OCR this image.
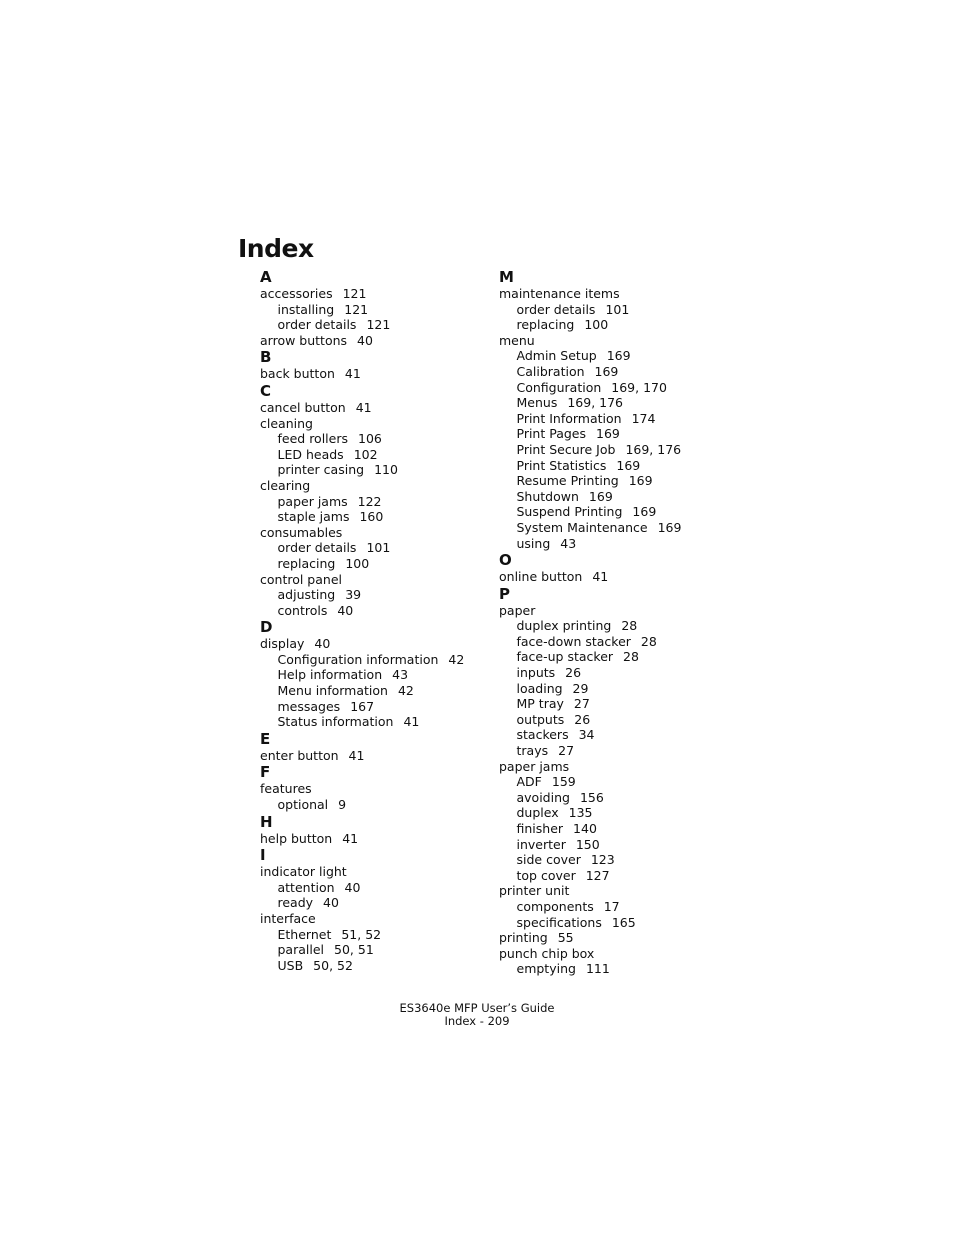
Index
A
accessories 121
installing 121
order details 121
arrow buttons 40
B
back button 41
C
cancel button 41
cleaning
feed rollers 106
LED heads 102
printer casing 110
clearing
paper jams 122
staple jams 160
consumables
order details 101
replacing 100
control panel
adjusting 39
controls 40
D
display 40
Configuration information 42
Help information 43
Menu information 42
messages 167
Status information 41
E
enter button 41
F
features
optional 9
H
help button 41
I
indicator light
attention 40
ready 40
interface
Ethernet 51, 52
parallel 50, 51
USB 50, 52
M
maintenance items
order details 101
replacing 100
menu
Admin Setup 169
Calibration 169
Configuration 169, 170
Menus 169, 176
Print Information 174
Print Pages 169
Print Secure Job 169, 176
Print Statistics 169
Resume Printing 169
Shutdown 169
Suspend Printing 169
System Maintenance 169
using 43
O
online button 41
P
paper
duplex printing 28
face-down stacker 28
face-up stacker 28
inputs 26
loading 29
MP tray 27
outputs 26
stackers 34
trays 27
paper jams
ADF 159
avoiding 156
duplex 135
finisher 140
inverter 150
side cover 123
top cover 127
printer unit
components 17
specifications 165
printing 55
punch chip box
emptying 111
ES3640e MFP User’s Guide
Index - 209
